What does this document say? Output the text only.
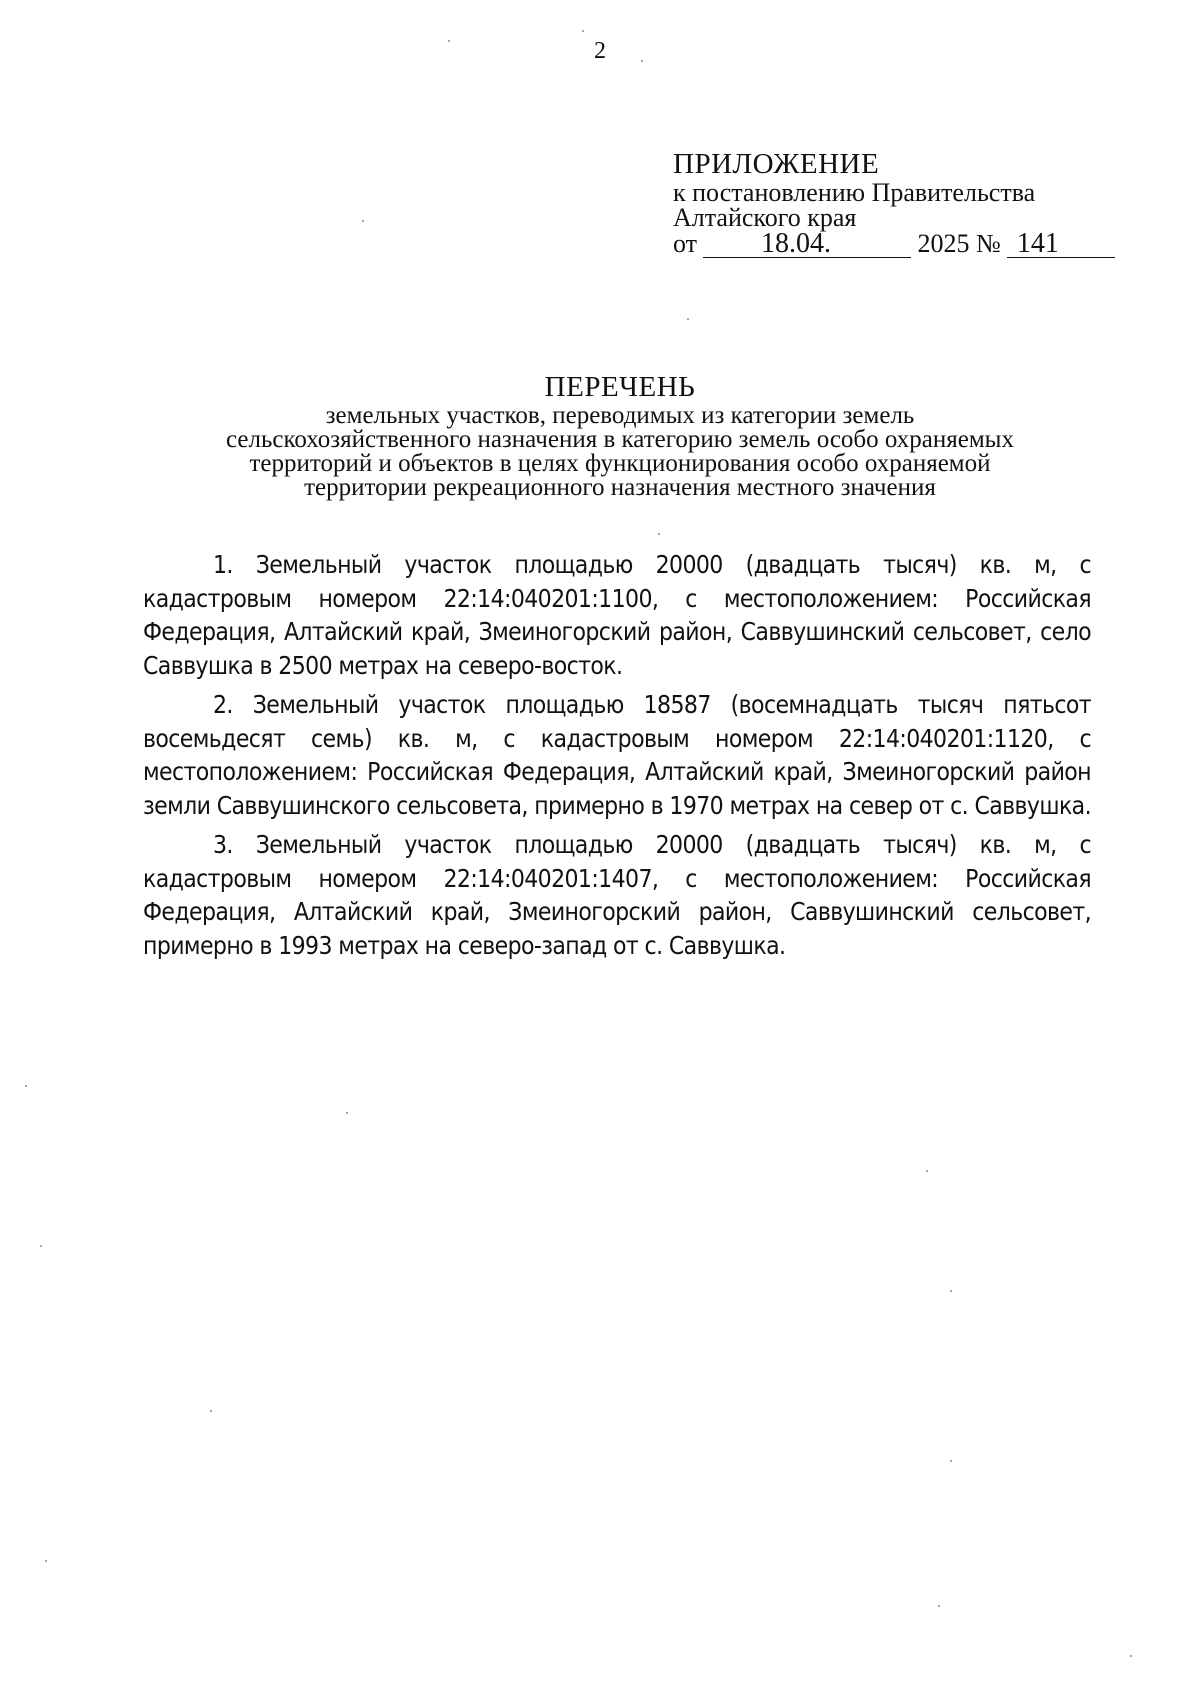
2
ПРИЛОЖЕНИЕ
к постановлению Правительства
Алтайского края
от 18.04.	2025 № 141
ПЕРЕЧЕНЬ
земельных участков, переводимых из категории земель
сельскохозяйственного назначения в категорию земель особо охраняемых
территорий и объектов в целях функционирования особо охраняемой
территории рекреационного назначения местного значения

1. Земельный участок площадью 20000 (двадцать тысяч) кв. м, с кадастровым номером 22:14:040201:1100, с местоположением: Российская Федерация, Алтайский край, Змеиногорский район, Саввушинский сельсовет, село Саввушка в 2500 метрах на северо-восток.

2. Земельный участок площадью 18587 (восемнадцать тысяч пятьсот восемьдесят семь) кв. м, с кадастровым номером 22:14:040201:1120, с местоположением: Российская Федерация, Алтайский край, Змеиногорский район земли Саввушинского сельсовета, примерно в 1970 метрах на север от с. Саввушка.

3. Земельный участок площадью 20000 (двадцать тысяч) кв. м, с кадастровым номером 22:14:040201:1407, с местоположением: Российская Федерация, Алтайский край, Змеиногорский район, Саввушинский сельсовет, примерно в 1993 метрах на северо-запад от с. Саввушка.
